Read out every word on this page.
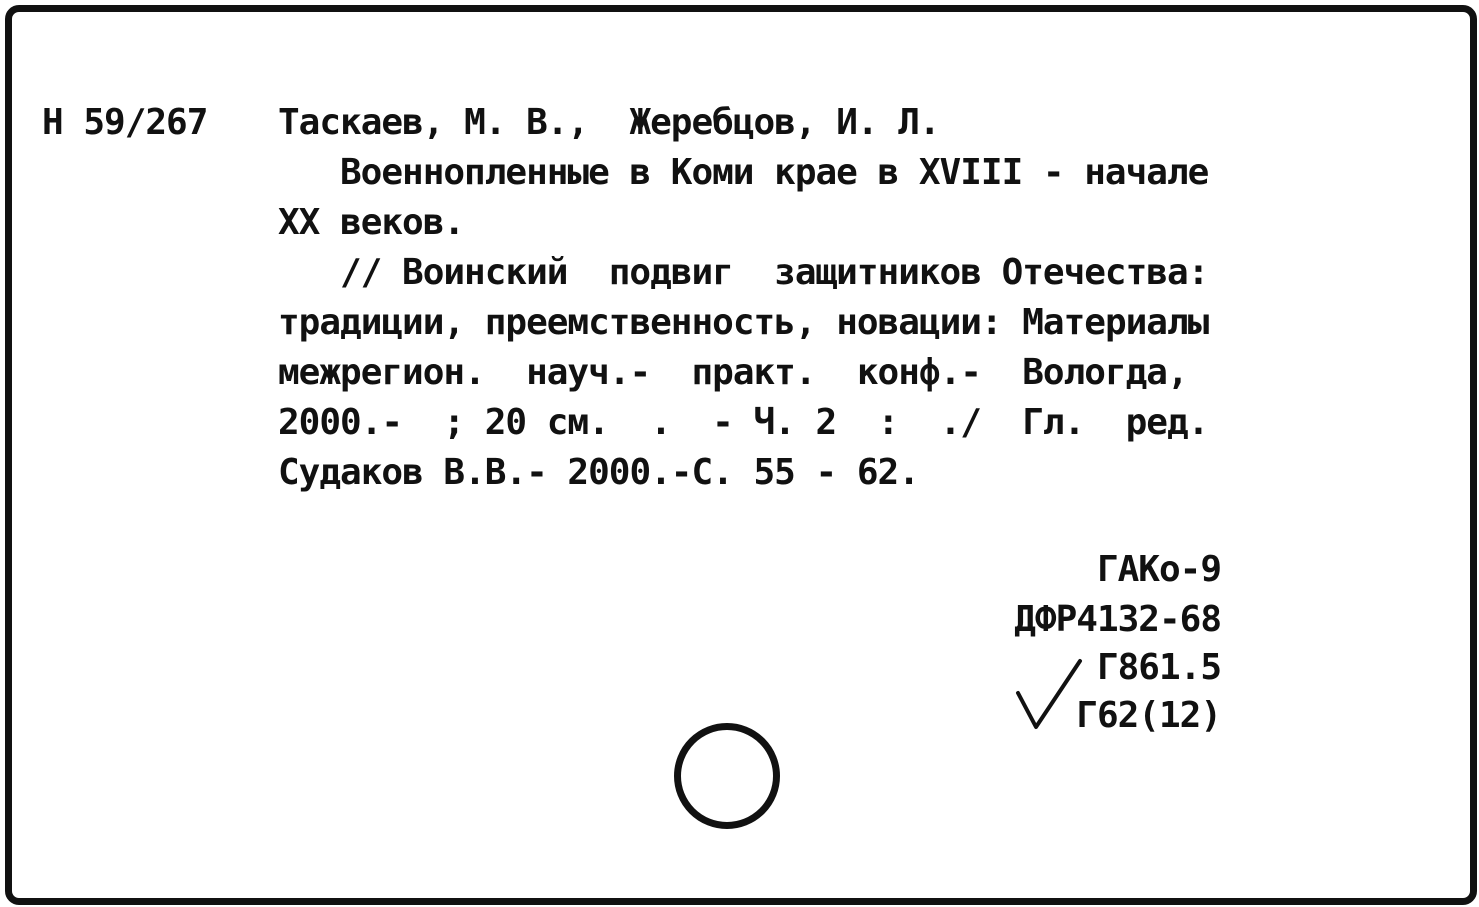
Н 59/267 Таскаев, М. В.,  Жеребцов, И. Л.
Военнопленные в Коми крае в XVIII - начале
XX веков.
// Воинский  подвиг  защитников Отечества:
традиции, преемственность, новации: Материалы
межрегион.  науч.-  практ.  конф.-  Вологда,
2000.-  ; 20 см.  .  - Ч. 2  :  ./  Гл.  ред.
Судаков В.В.- 2000.-С. 55 - 62.
ГАКо-9
ДФР4132-68
Г861.5
Г62(12)
